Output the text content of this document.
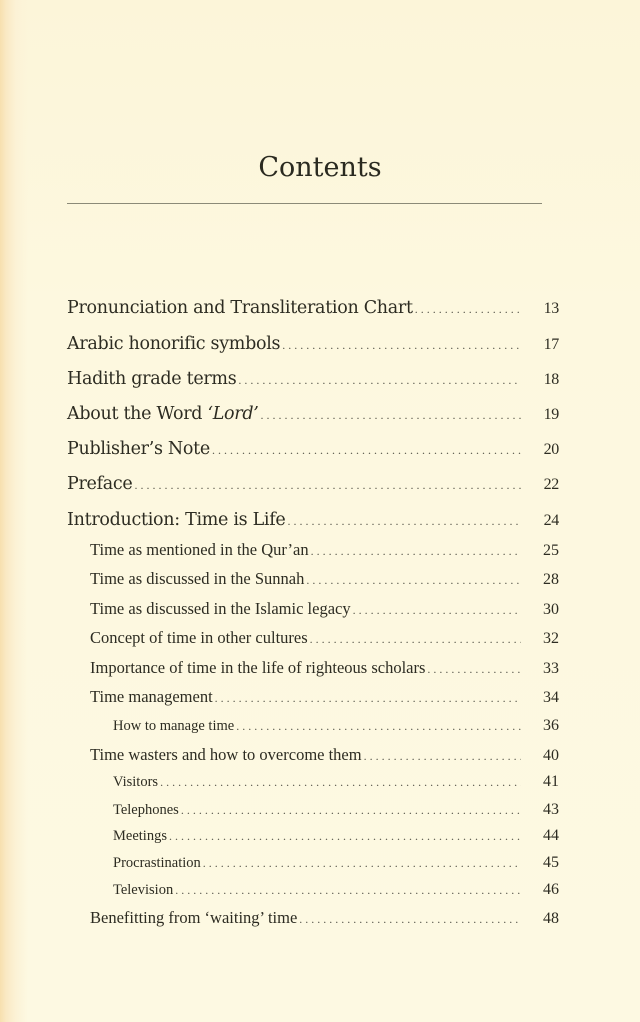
Contents
Pronunciation and Transliteration Chart . . .	13
Arabic honorific symbols . . .	17
Hadith grade terms . . .	18
About the Word ‘Lord’ . . .	19
Publisher’s Note . . .	20
Preface . . .	22
Introduction: Time is Life . . .	24
Time as mentioned in the Qur’an . . .	25
Time as discussed in the Sunnah . . .	28
Time as discussed in the Islamic legacy . . .	30
Concept of time in other cultures . . .	32
Importance of time in the life of righteous scholars . . .	33
Time management . . .	34
How to manage time . . .	36
Time wasters and how to overcome them . . .	40
Visitors . . .	41
Telephones . . .	43
Meetings . . .	44
Procrastination . . .	45
Television . . .	46
Benefitting from ‘waiting’ time . . .	48
